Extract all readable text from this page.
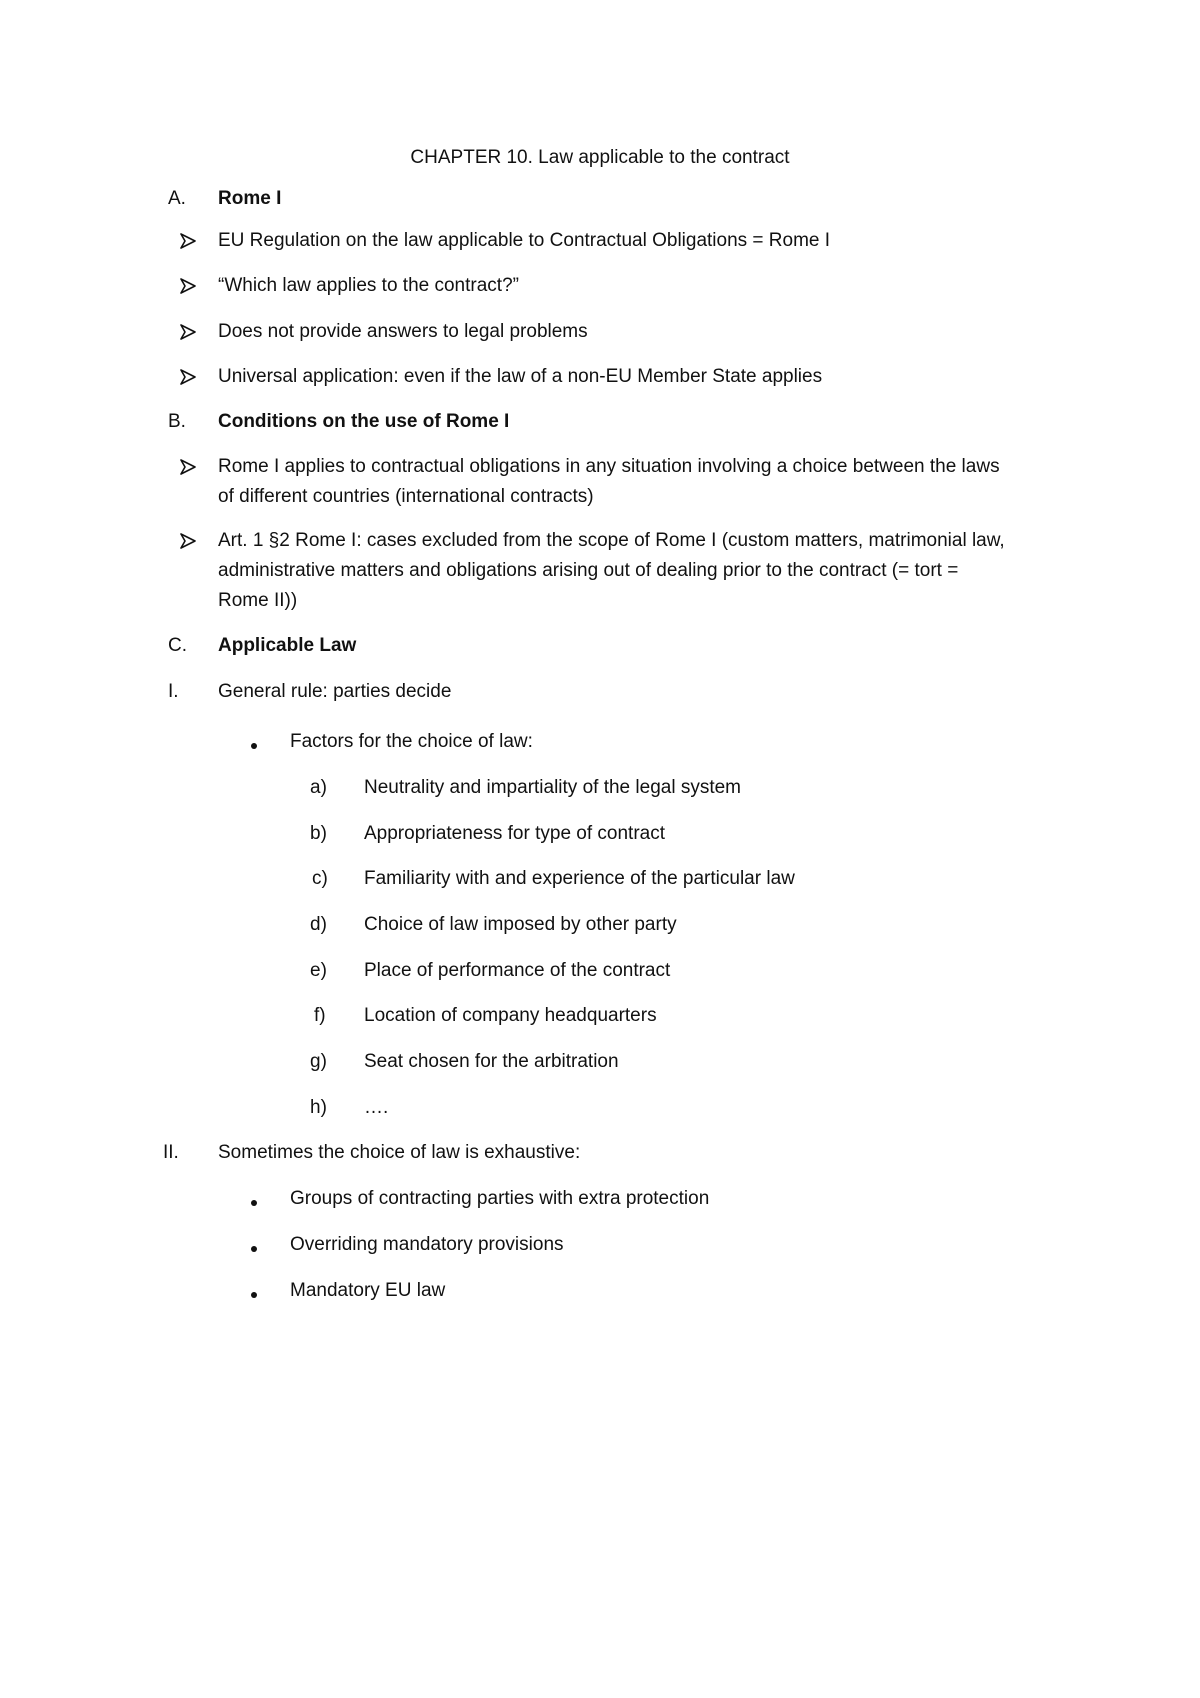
CHAPTER 10. Law applicable to the contract
A. Rome I
EU Regulation on the law applicable to Contractual Obligations = Rome I
“Which law applies to the contract?”
Does not provide answers to legal problems
Universal application: even if the law of a non-EU Member State applies
B. Conditions on the use of Rome I
Rome I applies to contractual obligations in any situation involving a choice between the laws
of different countries (international contracts)
Art. 1 §2 Rome I: cases excluded from the scope of Rome I (custom matters, matrimonial law,
administrative matters and obligations arising out of dealing prior to the contract (= tort =
Rome II))
C. Applicable Law
I. General rule: parties decide
Factors for the choice of law:
a) Neutrality and impartiality of the legal system
b) Appropriateness for type of contract
c) Familiarity with and experience of the particular law
d) Choice of law imposed by other party
e) Place of performance of the contract
f) Location of company headquarters
g) Seat chosen for the arbitration
h) ….
II. Sometimes the choice of law is exhaustive:
Groups of contracting parties with extra protection
Overriding mandatory provisions
Mandatory EU law
